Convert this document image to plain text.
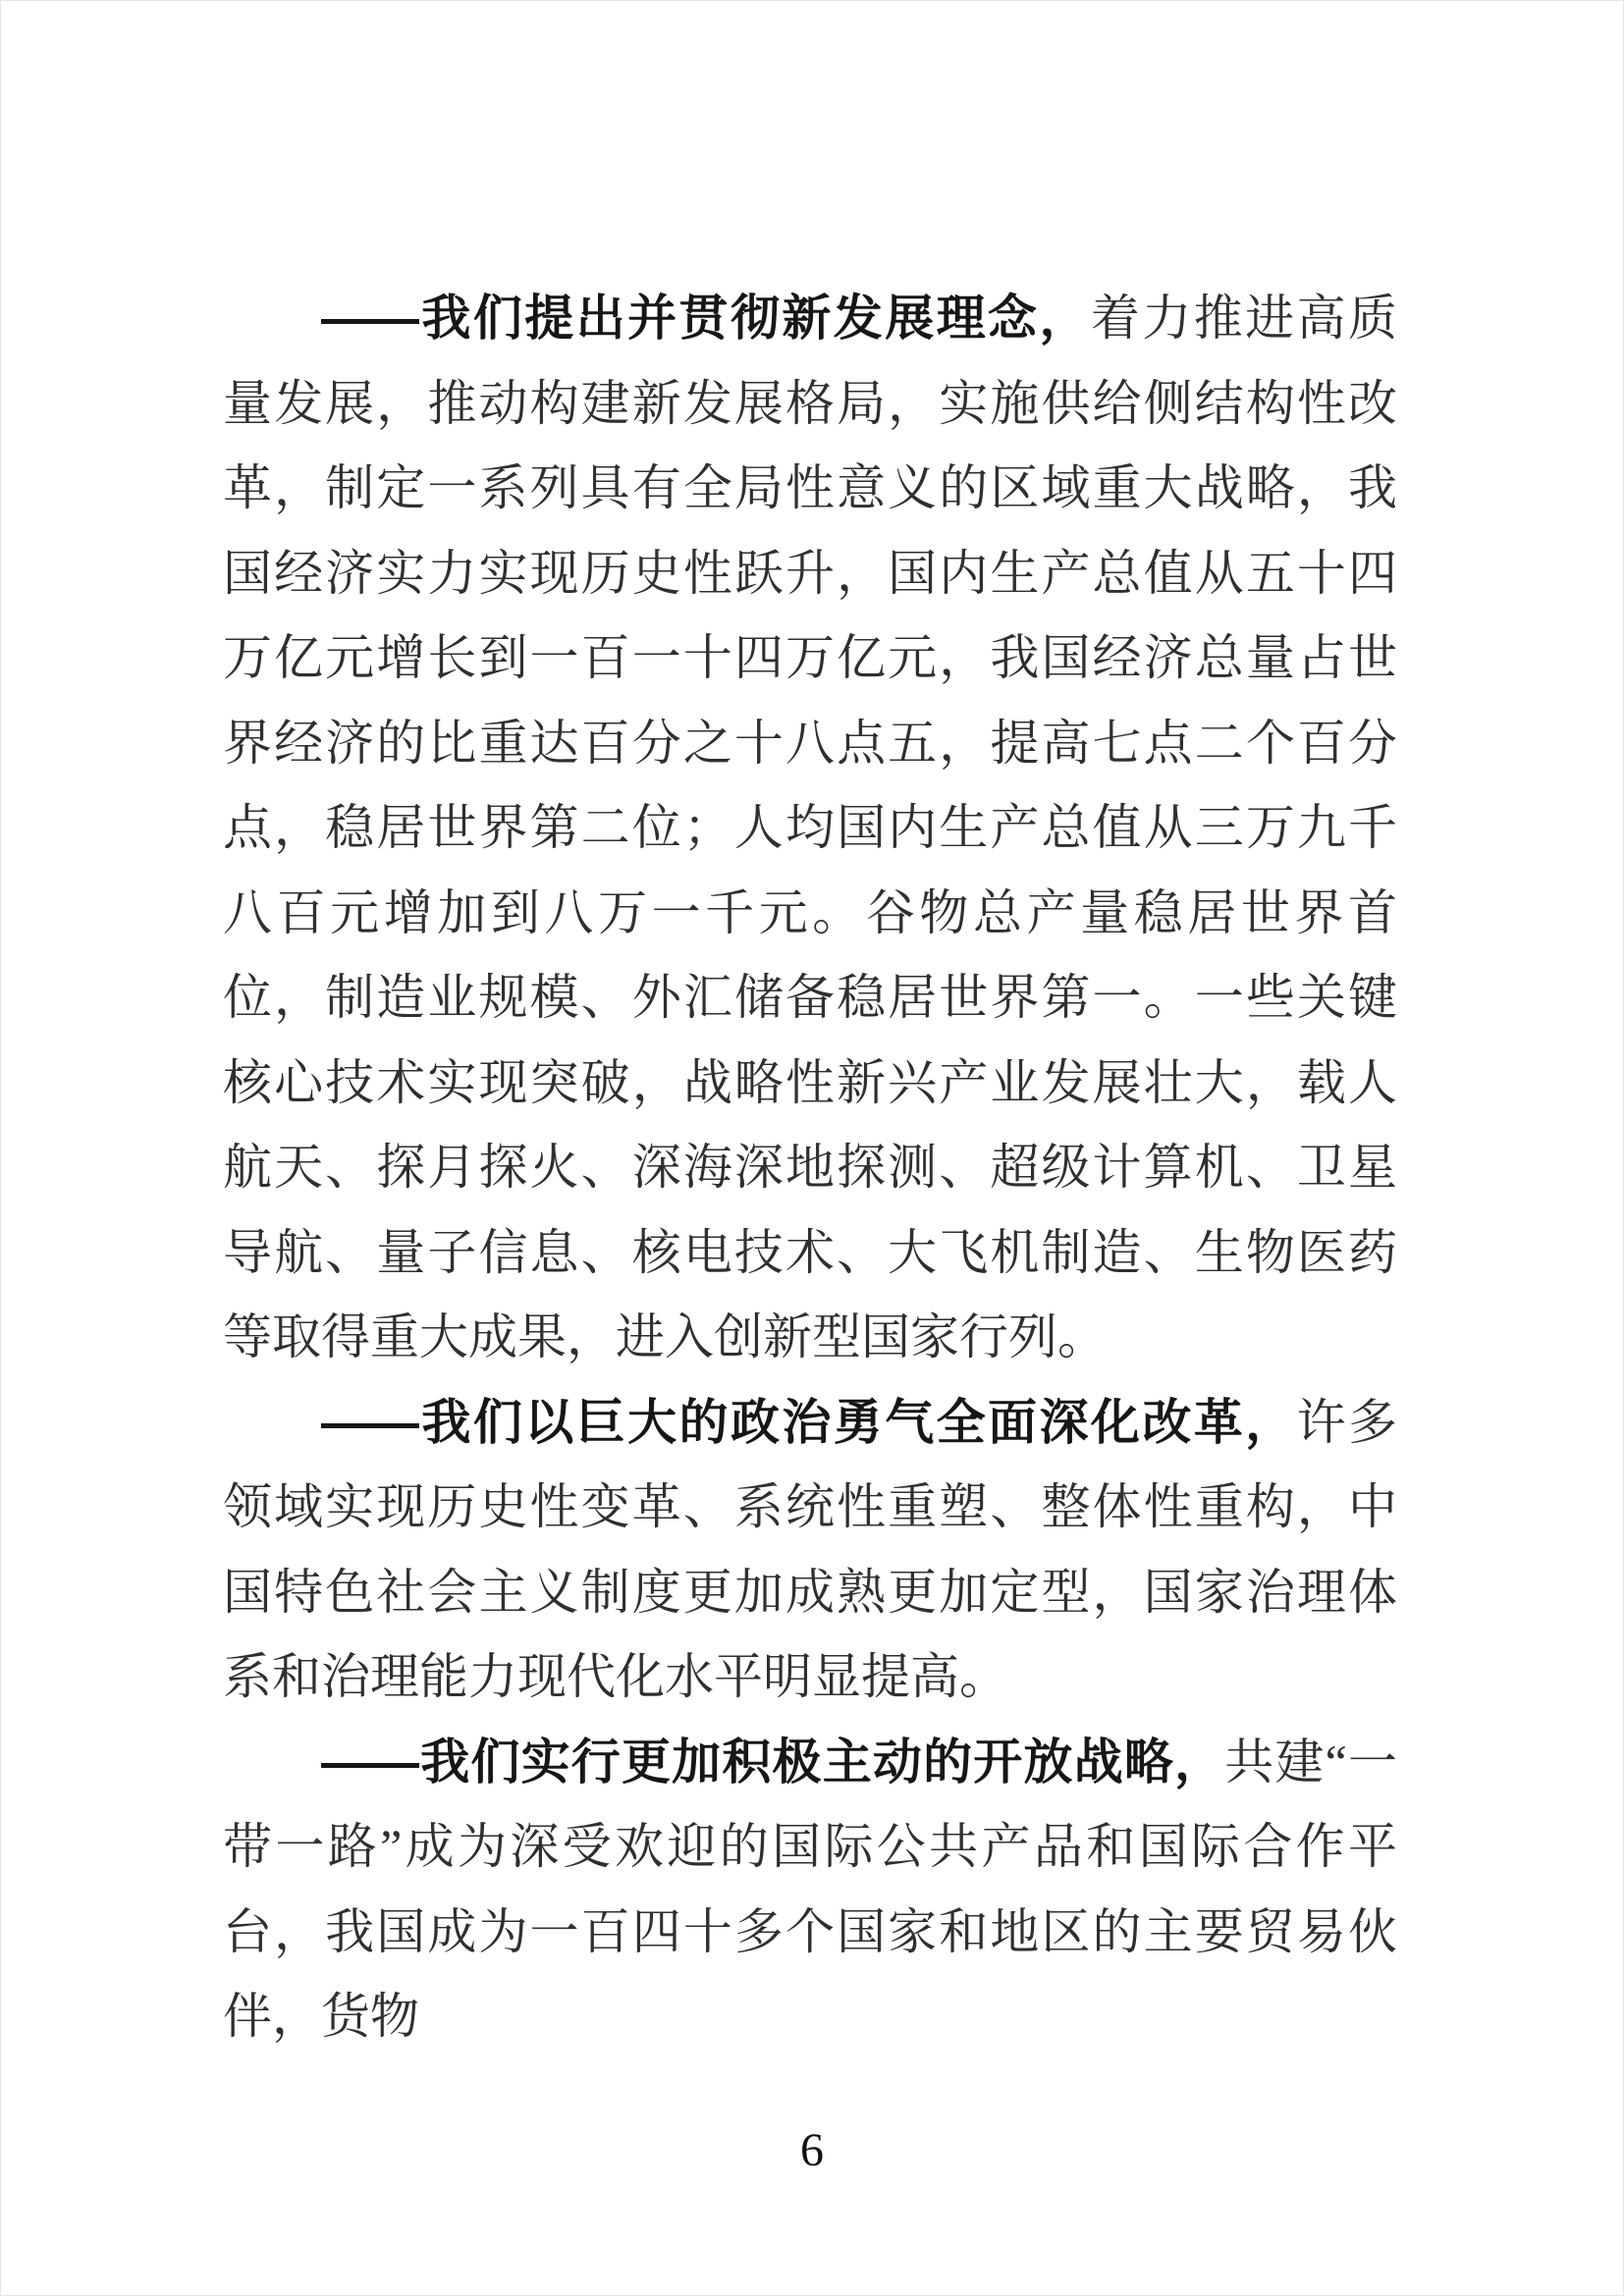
——我们提出并贯彻新发展理念，着力推进高质量发展，推动构建新发展格局，实施供给侧结构性改革，制定一系列具有全局性意义的区域重大战略，我国经济实力实现历史性跃升，国内生产总值从五十四万亿元增长到一百一十四万亿元，我国经济总量占世界经济的比重达百分之十八点五，提高七点二个百分点，稳居世界第二位；人均国内生产总值从三万九千八百元增加到八万一千元。谷物总产量稳居世界首位，制造业规模、外汇储备稳居世界第一。一些关键核心技术实现突破，战略性新兴产业发展壮大，载人航天、探月探火、深海深地探测、超级计算机、卫星导航、量子信息、核电技术、大飞机制造、生物医药等取得重大成果，进入创新型国家行列。

——我们以巨大的政治勇气全面深化改革，许多领域实现历史性变革、系统性重塑、整体性重构，中国特色社会主义制度更加成熟更加定型，国家治理体系和治理能力现代化水平明显提高。

——我们实行更加积极主动的开放战略，共建“一带一路”成为深受欢迎的国际公共产品和国际合作平台，我国成为一百四十多个国家和地区的主要贸易伙伴，货物

6
